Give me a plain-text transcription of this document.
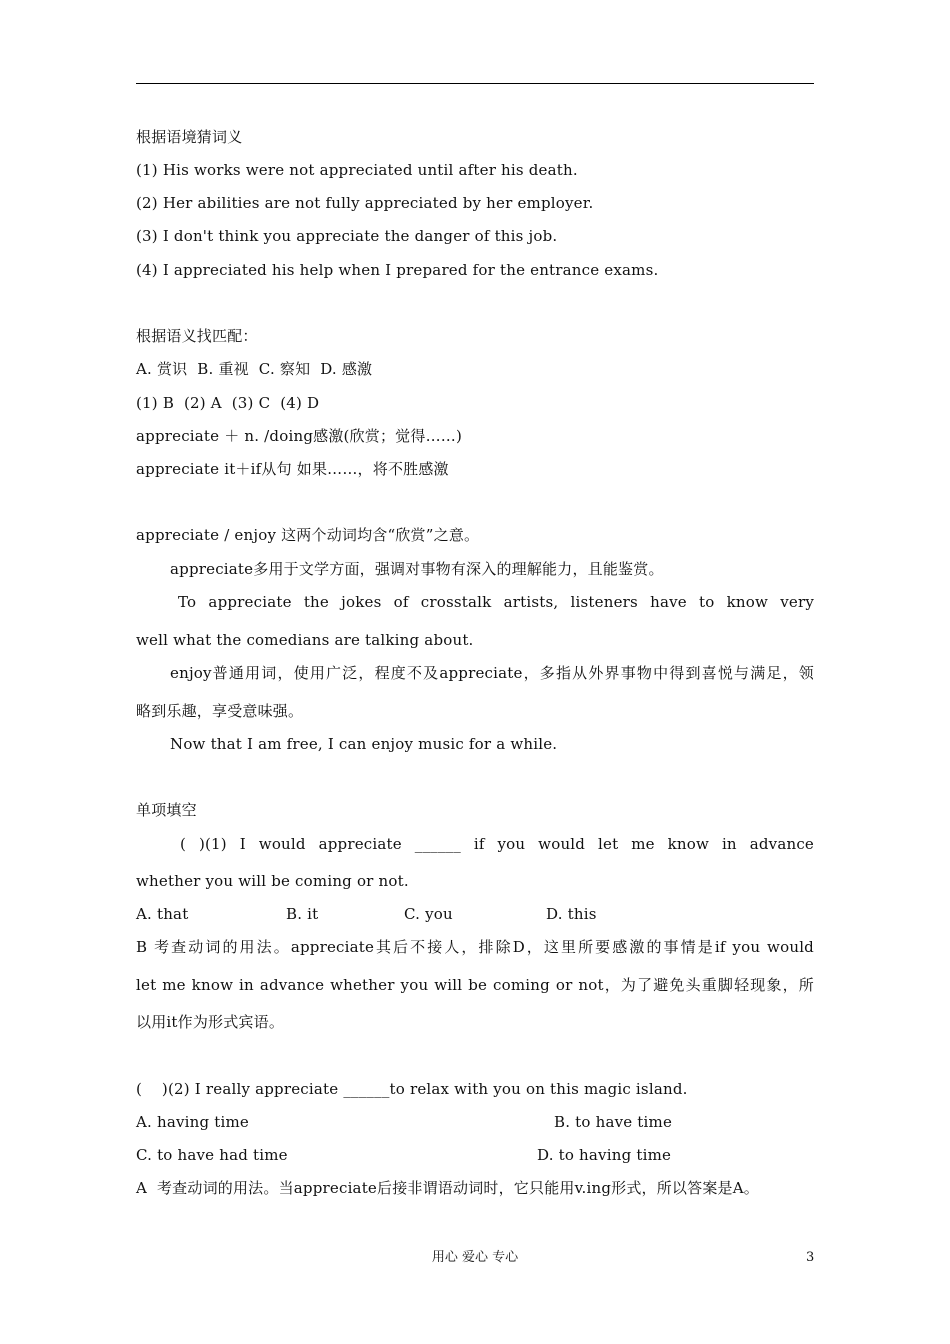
根据语境猜词义
(1) His works were not appreciated until after his death.
(2) Her abilities are not fully appreciated by her employer.
(3) I don't think you appreciate the danger of this job.
(4) I appreciated his help when I prepared for the entrance exams.
根据语义找匹配：
A. 赏识  B. 重视  C. 察知  D. 感激
(1) B  (2) A  (3) C  (4) D
appreciate ＋ n. /doing感激(欣赏；觉得……)
appreciate it＋if从句 如果……，将不胜感激
appreciate / enjoy 这两个动词均含“欣赏”之意。
appreciate多用于文学方面，强调对事物有深入的理解能力，且能鉴赏。
To appreciate the jokes of crosstalk artists, listeners have to know very
well what the comedians are talking about.
enjoy普通用词，使用广泛，程度不及appreciate，多指从外界事物中得到喜悦与满足，领
略到乐趣，享受意味强。
Now that I am free, I can enjoy music for a while.
单项填空
( )(1) I would appreciate ______ if you would let me know in advance
whether you will be coming or not.
A. that	B. it	C. you	D. this
B 考查动词的用法。appreciate其后不接人，排除D，这里所要感激的事情是if you would
let me know in advance whether you will be coming or not，为了避免头重脚轻现象，所
以用it作为形式宾语。
(    )(2) I really appreciate ______to relax with you on this magic island.
A. having time	B. to have time
C. to have had time	D. to having time
A  考查动词的用法。当appreciate后接非谓语动词时，它只能用v.ing形式，所以答案是A。
用心 爱心 专心	3
